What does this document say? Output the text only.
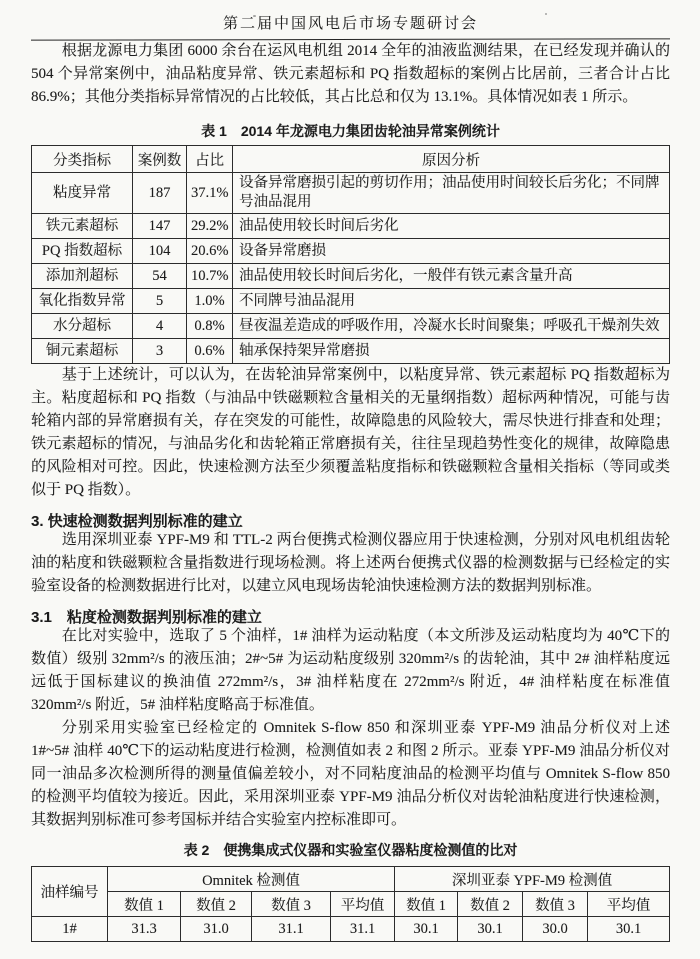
第二届中国风电后市场专题研讨会

根据龙源电力集团 6000 余台在运风电机组 2014 全年的油液监测结果，在已经发现并确认的 504 个异常案例中，油品粘度异常、铁元素超标和 PQ 指数超标的案例占比居前，三者合计占比 86.9%；其他分类指标异常情况的占比较低，其占比总和仅为 13.1%。具体情况如表 1 所示。

表 1　2014 年龙源电力集团齿轮油异常案例统计
分类指标	案例数	占比	原因分析
粘度异常	187	37.1%	设备异常磨损引起的剪切作用；油品使用时间较长后劣化；不同牌号油品混用
铁元素超标	147	29.2%	油品使用较长时间后劣化
PQ 指数超标	104	20.6%	设备异常磨损
添加剂超标	54	10.7%	油品使用较长时间后劣化，一般伴有铁元素含量升高
氧化指数异常	5	1.0%	不同牌号油品混用
水分超标	4	0.8%	昼夜温差造成的呼吸作用，冷凝水长时间聚集；呼吸孔干燥剂失效
铜元素超标	3	0.6%	轴承保持架异常磨损

基于上述统计，可以认为，在齿轮油异常案例中，以粘度异常、铁元素超标 PQ 指数超标为主。粘度超标和 PQ 指数（与油品中铁磁颗粒含量相关的无量纲指数）超标两种情况，可能与齿轮箱内部的异常磨损有关，存在突发的可能性，故障隐患的风险较大，需尽快进行排查和处理；铁元素超标的情况，与油品劣化和齿轮箱正常磨损有关，往往呈现趋势性变化的规律，故障隐患的风险相对可控。因此，快速检测方法至少须覆盖粘度指标和铁磁颗粒含量相关指标（等同或类似于 PQ 指数）。

3. 快速检测数据判别标准的建立

选用深圳亚泰 YPF-M9 和 TTL-2 两台便携式检测仪器应用于快速检测，分别对风电机组齿轮油的粘度和铁磁颗粒含量指数进行现场检测。将上述两台便携式仪器的检测数据与已经检定的实验室设备的检测数据进行比对，以建立风电现场齿轮油快速检测方法的数据判别标准。

3.1　粘度检测数据判别标准的建立

在比对实验中，选取了 5 个油样，1# 油样为运动粘度（本文所涉及运动粘度均为 40℃下的数值）级别 32mm²/s 的液压油；2#~5# 为运动粘度级别 320mm²/s 的齿轮油，其中 2# 油样粘度远远低于国标建议的换油值 272mm²/s，3# 油样粘度在 272mm²/s 附近，4# 油样粘度在标准值 320mm²/s 附近，5# 油样粘度略高于标准值。

分别采用实验室已经检定的 Omnitek S-flow 850 和深圳亚泰 YPF-M9 油品分析仪对上述 1#~5# 油样 40℃下的运动粘度进行检测，检测值如表 2 和图 2 所示。亚泰 YPF-M9 油品分析仪对同一油品多次检测所得的测量值偏差较小，对不同粘度油品的检测平均值与 Omnitek S-flow 850 的检测平均值较为接近。因此，采用深圳亚泰 YPF-M9 油品分析仪对齿轮油粘度进行快速检测，其数据判别标准可参考国标并结合实验室内控标准即可。

表 2　便携集成式仪器和实验室仪器粘度检测值的比对
油样编号	Omnitek 检测值				深圳亚泰 YPF-M9 检测值			
	数值 1	数值 2	数值 3	平均值	数值 1	数值 2	数值 3	平均值
1#	31.3	31.0	31.1	31.1	30.1	30.1	30.0	30.1
